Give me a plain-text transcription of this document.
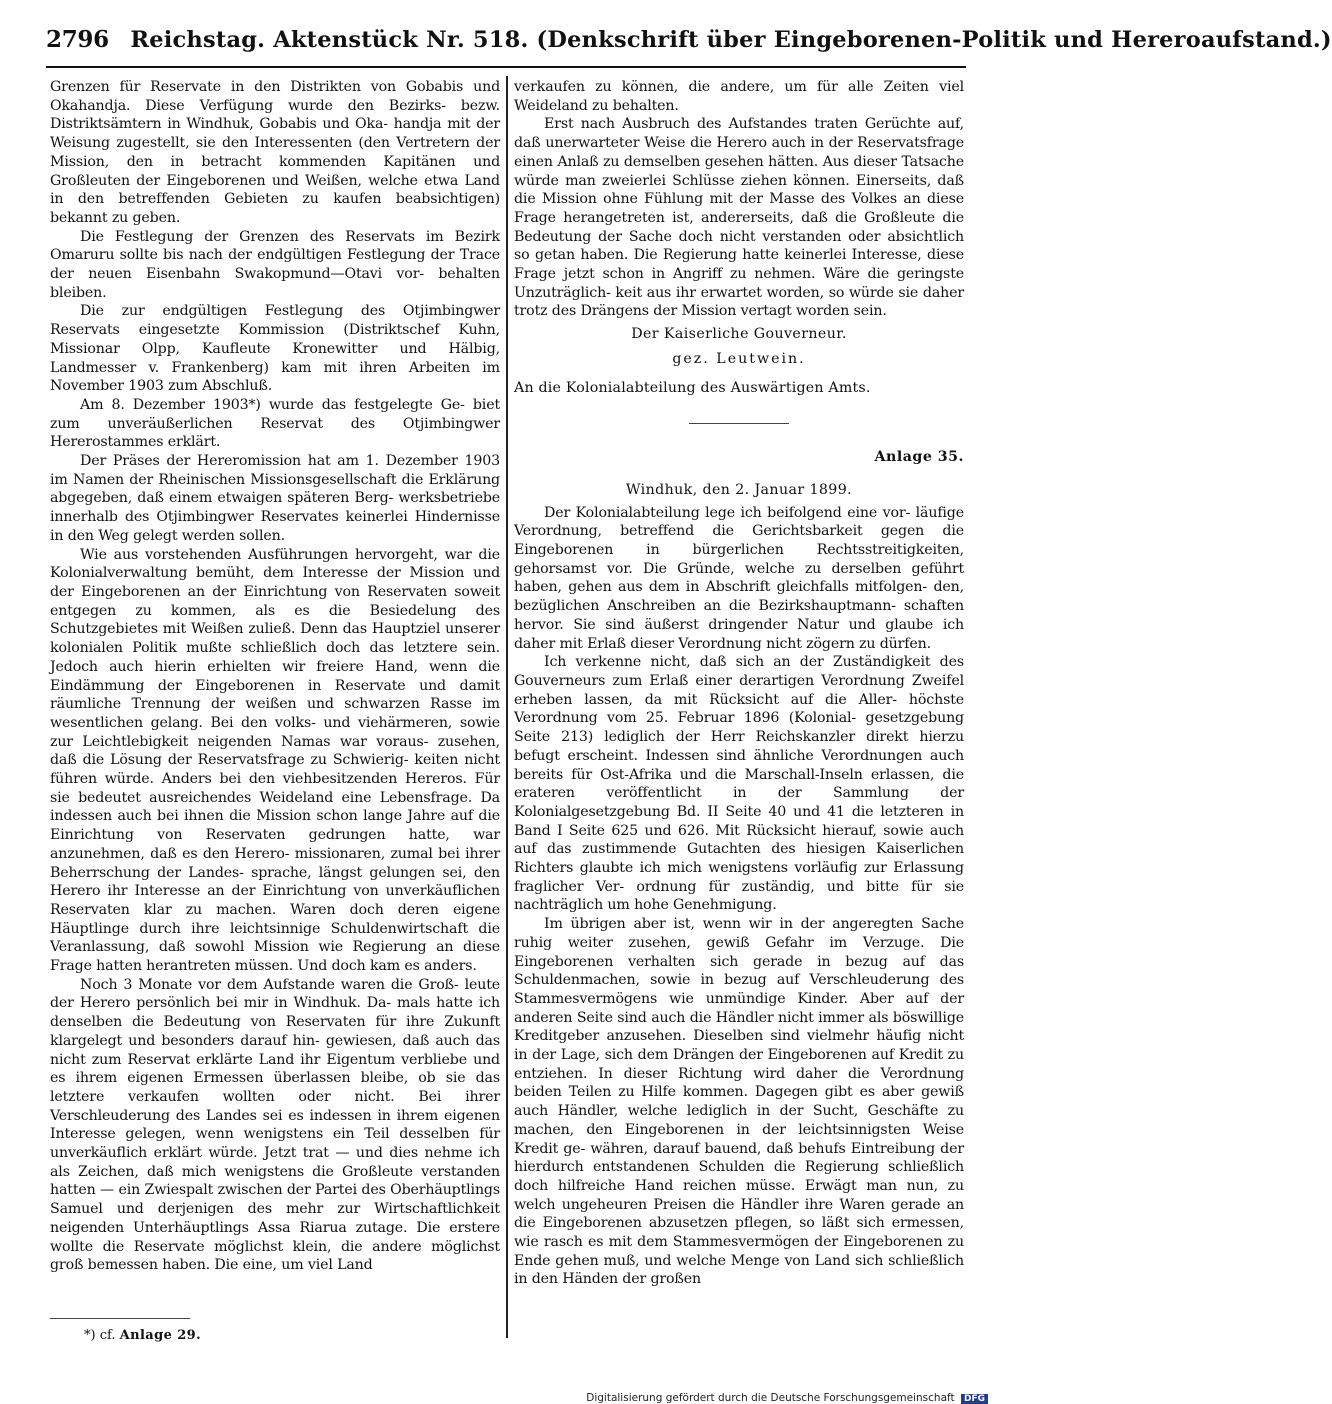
2796 Reichstag. Aktenstück Nr. 518. (Denkschrift über Eingeborenen-Politik und Hereroaufstand.)

Grenzen für Reservate in den Distrikten von Gobabis und Okahandja. Diese Verfügung wurde den Bezirks- bezw. Distriktsämtern in Windhuk, Gobabis und Oka- handja mit der Weisung zugestellt, sie den Interessenten (den Vertretern der Mission, den in betracht kommenden Kapitänen und Großleuten der Eingeborenen und Weißen, welche etwa Land in den betreffenden Gebieten zu kaufen beabsichtigen) bekannt zu geben.

Die Festlegung der Grenzen des Reservats im Bezirk Omaruru sollte bis nach der endgültigen Festlegung der Trace der neuen Eisenbahn Swakopmund—Otavi vor- behalten bleiben.

Die zur endgültigen Festlegung des Otjimbingwer Reservats eingesetzte Kommission (Distriktschef Kuhn, Missionar Olpp, Kaufleute Kronewitter und Hälbig, Landmesser v. Frankenberg) kam mit ihren Arbeiten im November 1903 zum Abschluß.

Am 8. Dezember 1903*) wurde das festgelegte Ge- biet zum unveräußerlichen Reservat des Otjimbingwer Hererostammes erklärt.

Der Präses der Hereromission hat am 1. Dezember 1903 im Namen der Rheinischen Missionsgesellschaft die Erklärung abgegeben, daß einem etwaigen späteren Berg- werksbetriebe innerhalb des Otjimbingwer Reservates keinerlei Hindernisse in den Weg gelegt werden sollen.

Wie aus vorstehenden Ausführungen hervorgeht, war die Kolonialverwaltung bemüht, dem Interesse der Mission und der Eingeborenen an der Einrichtung von Reservaten soweit entgegen zu kommen, als es die Besiedelung des Schutzgebietes mit Weißen zuließ. Denn das Hauptziel unserer kolonialen Politik mußte schließlich doch das letztere sein. Jedoch auch hierin erhielten wir freiere Hand, wenn die Eindämmung der Eingeborenen in Reservate und damit räumliche Trennung der weißen und schwarzen Rasse im wesentlichen gelang. Bei den volks- und viehärmeren, sowie zur Leichtlebigkeit neigenden Namas war voraus- zusehen, daß die Lösung der Reservatsfrage zu Schwierig- keiten nicht führen würde. Anders bei den viehbesitzenden Hereros. Für sie bedeutet ausreichendes Weideland eine Lebensfrage. Da indessen auch bei ihnen die Mission schon lange Jahre auf die Einrichtung von Reservaten gedrungen hatte, war anzunehmen, daß es den Herero- missionaren, zumal bei ihrer Beherrschung der Landes- sprache, längst gelungen sei, den Herero ihr Interesse an der Einrichtung von unverkäuflichen Reservaten klar zu machen. Waren doch deren eigene Häuptlinge durch ihre leichtsinnige Schuldenwirtschaft die Veranlassung, daß sowohl Mission wie Regierung an diese Frage hatten herantreten müssen. Und doch kam es anders.

Noch 3 Monate vor dem Aufstande waren die Groß- leute der Herero persönlich bei mir in Windhuk. Da- mals hatte ich denselben die Bedeutung von Reservaten für ihre Zukunft klargelegt und besonders darauf hin- gewiesen, daß auch das nicht zum Reservat erklärte Land ihr Eigentum verbliebe und es ihrem eigenen Ermessen überlassen bleibe, ob sie das letztere verkaufen wollten oder nicht. Bei ihrer Verschleuderung des Landes sei es indessen in ihrem eigenen Interesse gelegen, wenn wenigstens ein Teil desselben für unverkäuflich erklärt würde. Jetzt trat — und dies nehme ich als Zeichen, daß mich wenigstens die Großleute verstanden hatten — ein Zwiespalt zwischen der Partei des Oberhäuptlings Samuel und derjenigen des mehr zur Wirtschaftlichkeit neigenden Unterhäuptlings Assa Riarua zutage. Die erstere wollte die Reservate möglichst klein, die andere möglichst groß bemessen haben. Die eine, um viel Land

verkaufen zu können, die andere, um für alle Zeiten viel Weideland zu behalten.

Erst nach Ausbruch des Aufstandes traten Gerüchte auf, daß unerwarteter Weise die Herero auch in der Reservatsfrage einen Anlaß zu demselben gesehen hätten. Aus dieser Tatsache würde man zweierlei Schlüsse ziehen können. Einerseits, daß die Mission ohne Fühlung mit der Masse des Volkes an diese Frage herangetreten ist, andererseits, daß die Großleute die Bedeutung der Sache doch nicht verstanden oder absichtlich so getan haben. Die Regierung hatte keinerlei Interesse, diese Frage jetzt schon in Angriff zu nehmen. Wäre die geringste Unzuträglich- keit aus ihr erwartet worden, so würde sie daher trotz des Drängens der Mission vertagt worden sein.

Der Kaiserliche Gouverneur.
gez. Leutwein.
An die Kolonialabteilung des Auswärtigen Amts.
Anlage 35.
Windhuk, den 2. Januar 1899.

Der Kolonialabteilung lege ich beifolgend eine vor- läufige Verordnung, betreffend die Gerichtsbarkeit gegen die Eingeborenen in bürgerlichen Rechtsstreitigkeiten, gehorsamst vor. Die Gründe, welche zu derselben geführt haben, gehen aus dem in Abschrift gleichfalls mitfolgen- den, bezüglichen Anschreiben an die Bezirkshauptmann- schaften hervor. Sie sind äußerst dringender Natur und glaube ich daher mit Erlaß dieser Verordnung nicht zögern zu dürfen.

Ich verkenne nicht, daß sich an der Zuständigkeit des Gouverneurs zum Erlaß einer derartigen Verordnung Zweifel erheben lassen, da mit Rücksicht auf die Aller- höchste Verordnung vom 25. Februar 1896 (Kolonial- gesetzgebung Seite 213) lediglich der Herr Reichskanzler direkt hierzu befugt erscheint. Indessen sind ähnliche Verordnungen auch bereits für Ost-Afrika und die Marschall-Inseln erlassen, die erateren veröffentlicht in der Sammlung der Kolonialgesetzgebung Bd. II Seite 40 und 41 die letzteren in Band I Seite 625 und 626. Mit Rücksicht hierauf, sowie auch auf das zustimmende Gutachten des hiesigen Kaiserlichen Richters glaubte ich mich wenigstens vorläufig zur Erlassung fraglicher Ver- ordnung für zuständig, und bitte für sie nachträglich um hohe Genehmigung.

Im übrigen aber ist, wenn wir in der angeregten Sache ruhig weiter zusehen, gewiß Gefahr im Verzuge. Die Eingeborenen verhalten sich gerade in bezug auf das Schuldenmachen, sowie in bezug auf Verschleuderung des Stammesvermögens wie unmündige Kinder. Aber auf der anderen Seite sind auch die Händler nicht immer als böswillige Kreditgeber anzusehen. Dieselben sind vielmehr häufig nicht in der Lage, sich dem Drängen der Eingeborenen auf Kredit zu entziehen. In dieser Richtung wird daher die Verordnung beiden Teilen zu Hilfe kommen. Dagegen gibt es aber gewiß auch Händler, welche lediglich in der Sucht, Geschäfte zu machen, den Eingeborenen in der leichtsinnigsten Weise Kredit ge- währen, darauf bauend, daß behufs Eintreibung der hierdurch entstandenen Schulden die Regierung schließlich doch hilfreiche Hand reichen müsse. Erwägt man nun, zu welch ungeheuren Preisen die Händler ihre Waren gerade an die Eingeborenen abzusetzen pflegen, so läßt sich ermessen, wie rasch es mit dem Stammesvermögen der Eingeborenen zu Ende gehen muß, und welche Menge von Land sich schließlich in den Händen der großen

*) cf. Anlage 29.
Digitalisierung gefördert durch die Deutsche Forschungsgemeinschaft DFG
